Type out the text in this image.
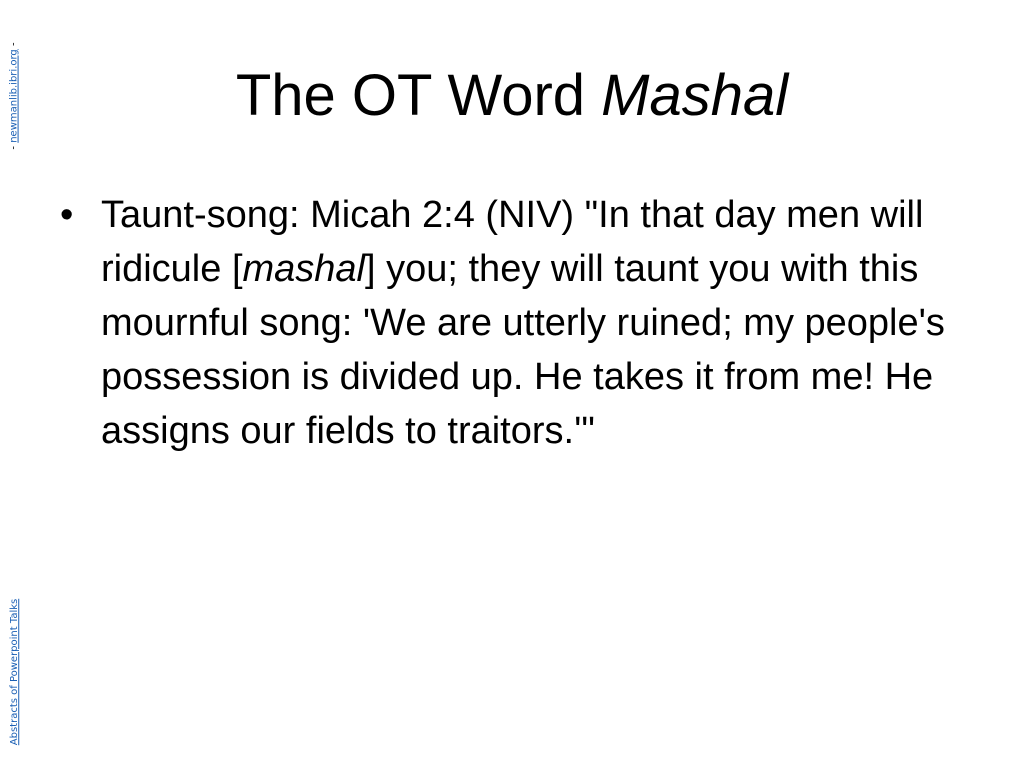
- newmanlib.ibri.org -
Abstracts of Powerpoint Talks
The OT Word Mashal
• Taunt-song: Micah 2:4 (NIV) "In that day men will ridicule [mashal] you; they will taunt you with this mournful song: 'We are utterly ruined; my people's possession is divided up. He takes it from me! He assigns our fields to traitors.'"
